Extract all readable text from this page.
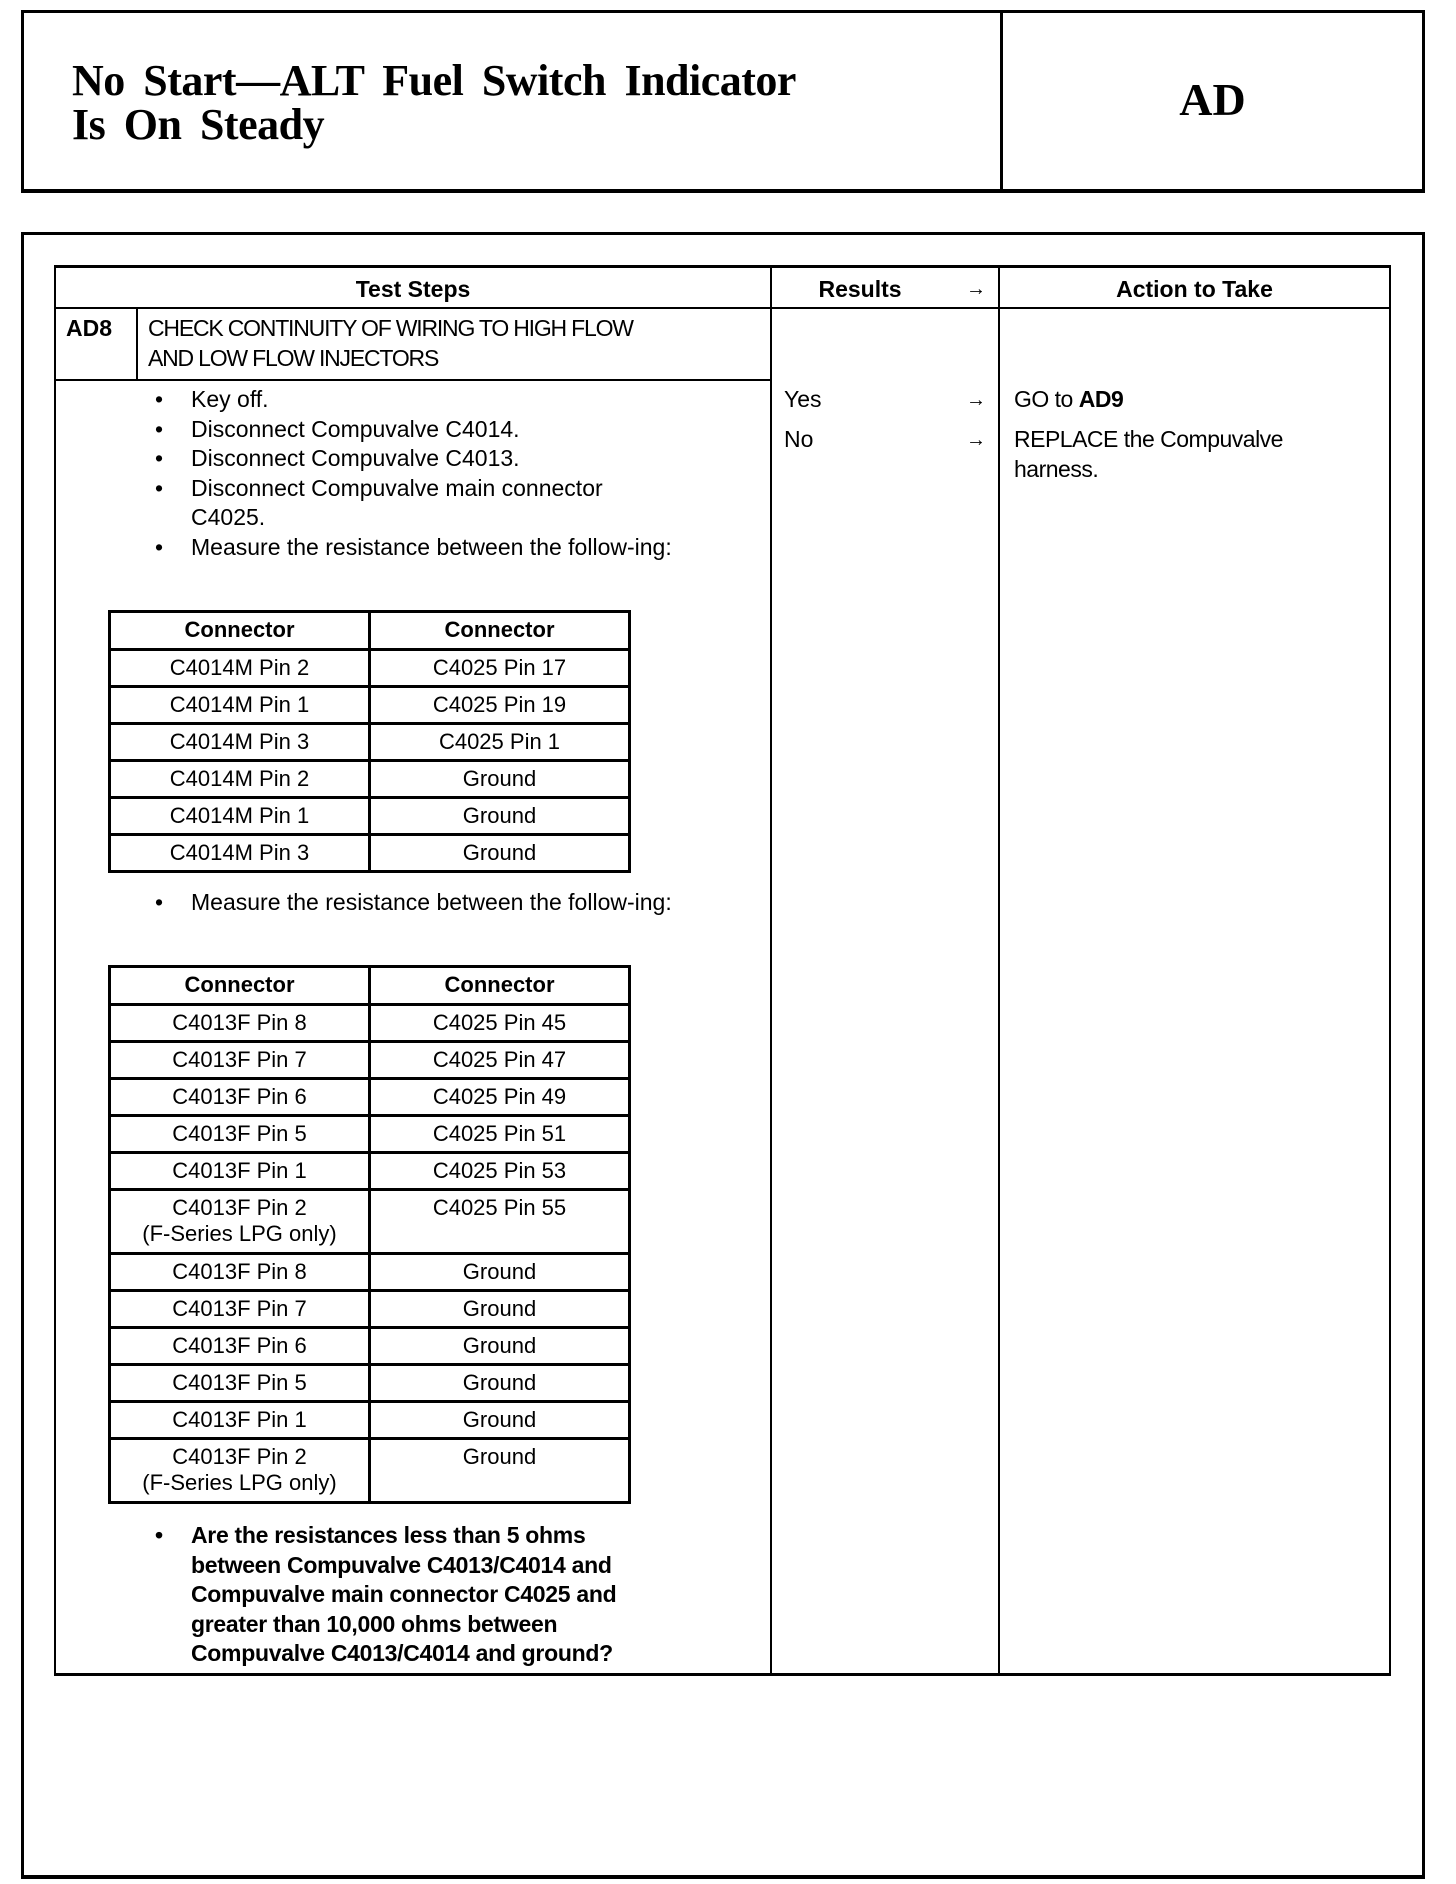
No Start—ALT Fuel Switch Indicator
Is On Steady	AD
Test Steps	Results	→	Action to Take
AD8 CHECK CONTINUITY OF WIRING TO HIGH FLOW
AND LOW FLOW INJECTORS
• Key off.
• Disconnect Compuvalve C4014.
• Disconnect Compuvalve C4013.
• Disconnect Compuvalve main connector C4025.
• Measure the resistance between the follow-ing:
Connector	Connector

C4014M Pin 2	C4025 Pin 17

C4014M Pin 1	C4025 Pin 19

C4014M Pin 3	C4025 Pin 1

C4014M Pin 2	Ground

C4014M Pin 1	Ground

C4014M Pin 3	Ground
• Measure the resistance between the follow-ing:
Connector	Connector

C4013F Pin 8	C4025 Pin 45

C4013F Pin 7	C4025 Pin 47

C4013F Pin 6	C4025 Pin 49

C4013F Pin 5	C4025 Pin 51

C4013F Pin 1	C4025 Pin 53

C4013F Pin 2
(F-Series LPG only)	C4025 Pin 55

C4013F Pin 8	Ground

C4013F Pin 7	Ground

C4013F Pin 6	Ground

C4013F Pin 5	Ground

C4013F Pin 1	Ground

C4013F Pin 2
(F-Series LPG only)	Ground
• Are the resistances less than 5 ohms between Compuvalve C4013/C4014 and Compuvalve main connector C4025 and greater than 10,000 ohms between Compuvalve C4013/C4014 and ground?
Yes	→
No	→
GO to AD9
REPLACE the Compuvalve harness.
